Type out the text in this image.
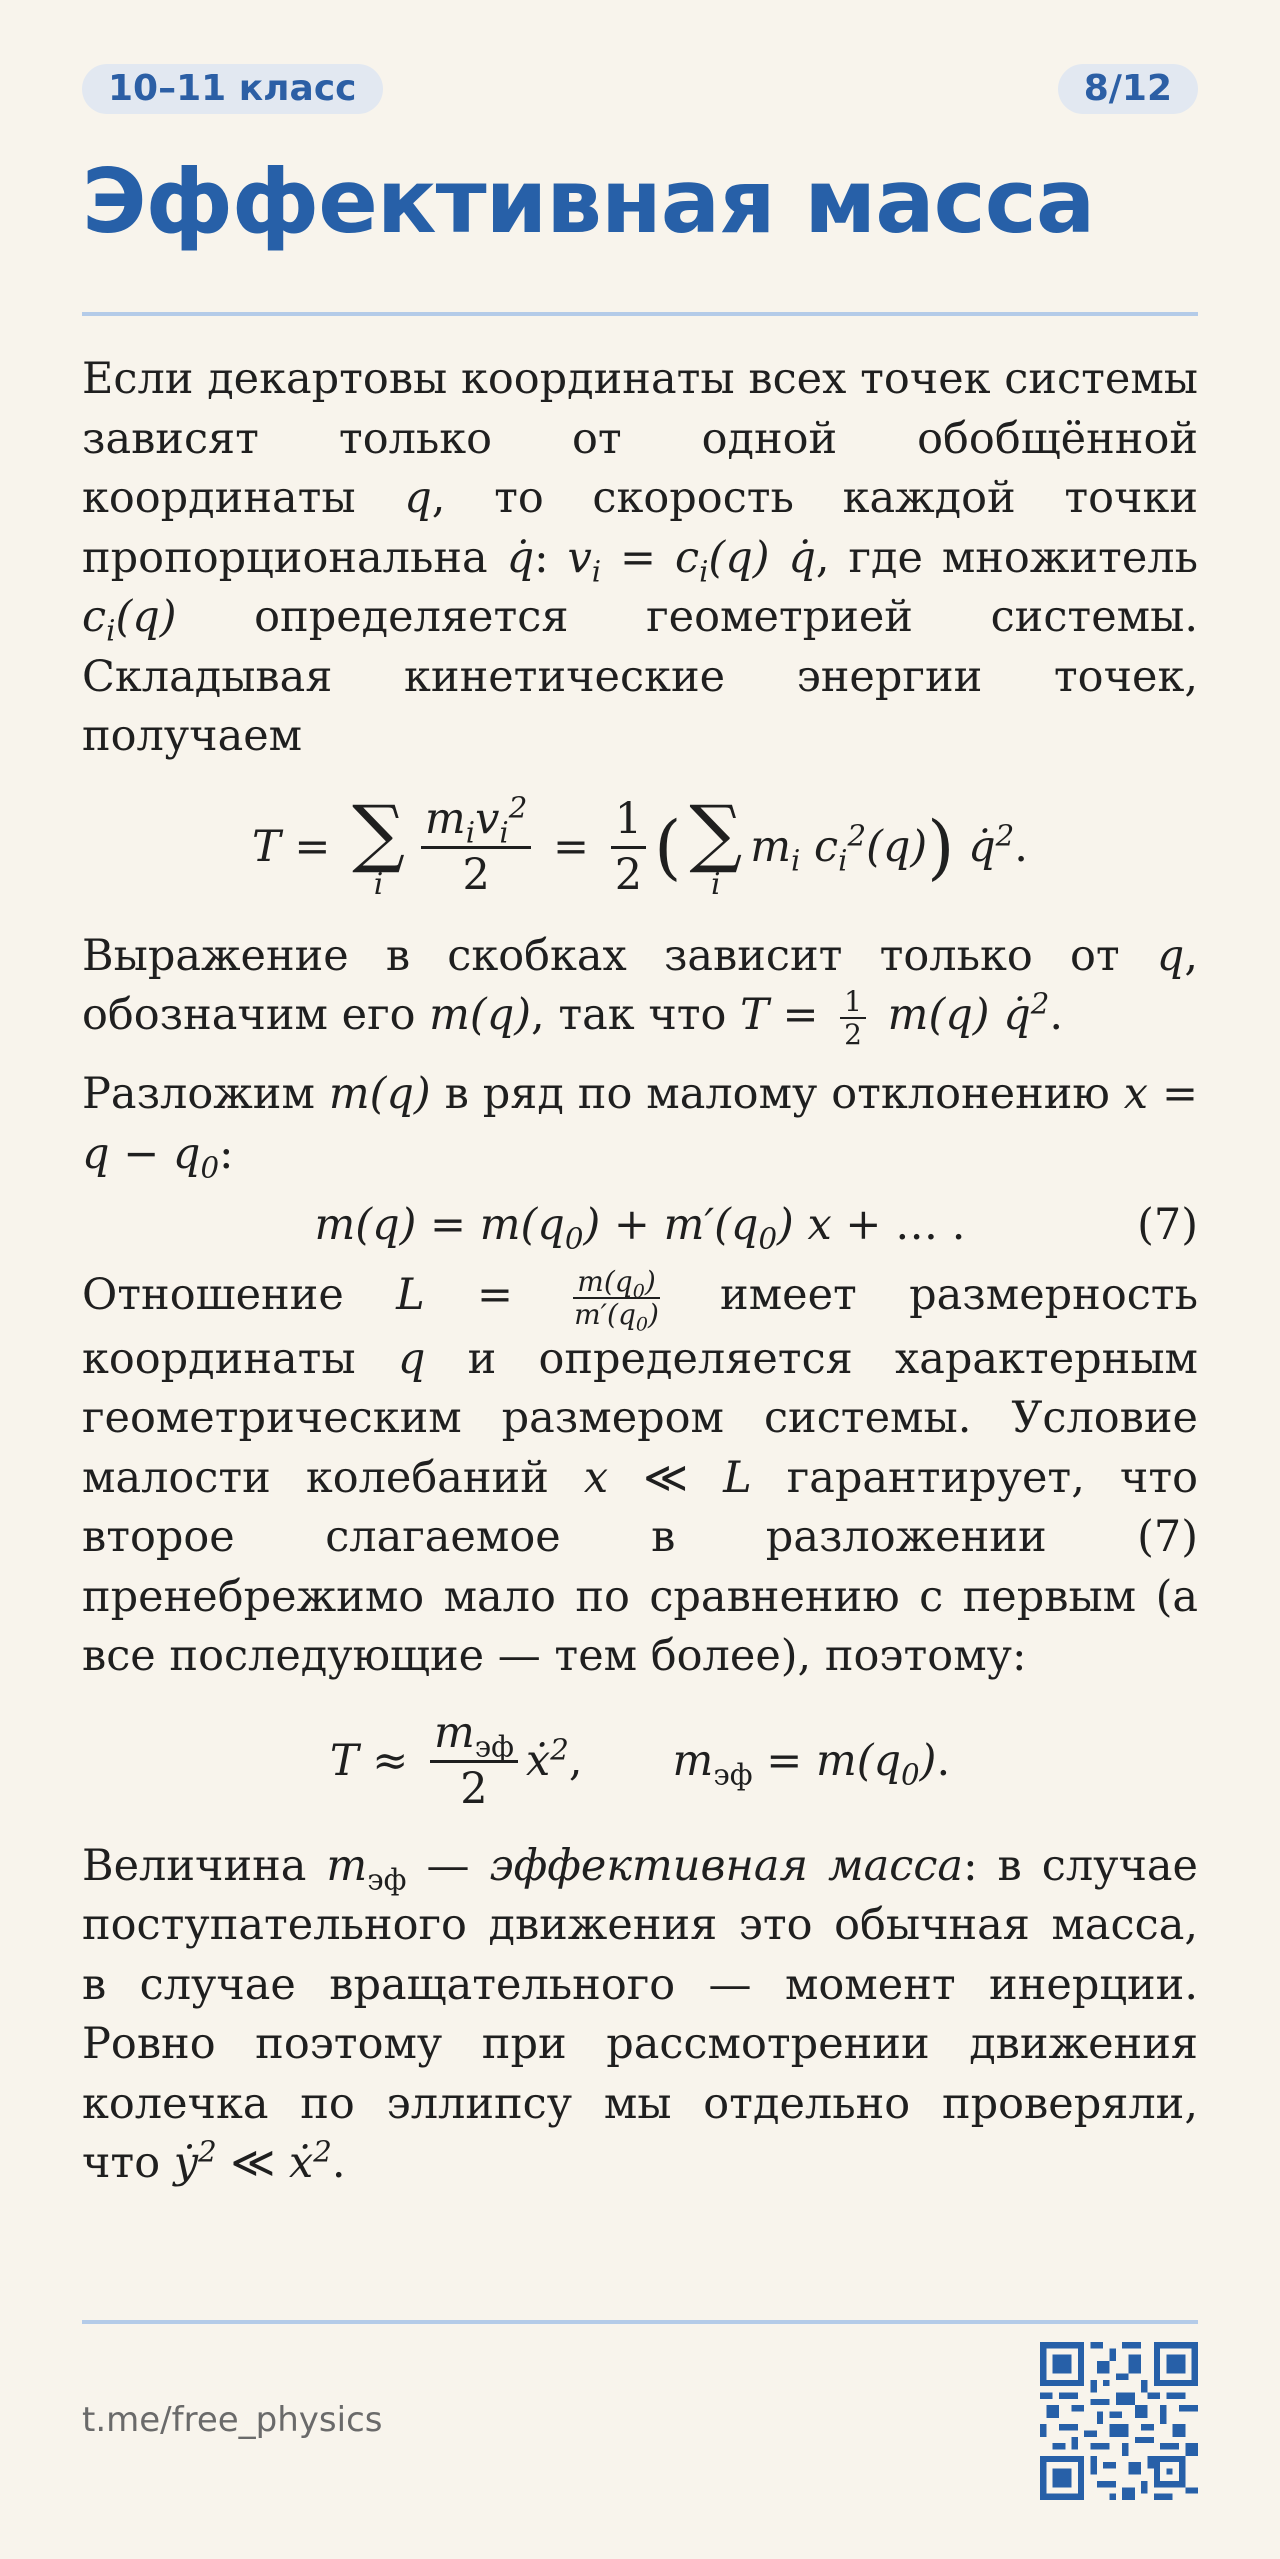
10–11 класс	8/12
Эффективная масса

Если декартовы координаты всех точек системы зависят только от одной обобщённой координаты q, то скорость каждой точки пропорциональна q̇: $v_i = c_i(q)$ q̇, где множитель $c_i(q)$ определяется геометрией системы. Складывая кинетические энергии точек, получаем

T = ∑
i $\frac{m_iv_i^2}{2} = \frac{1}{2}$ ( ∑
i
$m_i$ $c_i^2(q)$ ) q̇$^2$ .

Выражение в скобках зависит только от q, обозначим его m(q), так что $T = \frac{1}{2} m(q)$ q̇$^2$.

Разложим m(q) в ряд по малому отклонению $x = q - q_0$:

$m(q) = m(q_0) + m'(q_0) x$ + … .	(7)

Отношение $L = \frac{m(q_0)}{m'(q_0)}$ имеет размерность координаты q и определяется характерным геометрическим размером системы. Условие малости колебаний x ≪ L гарантирует, что второе слагаемое в разложении (7) пренебрежимо мало по сравнению с первым (а все последующие — тем более), поэтому:

$T \approx \frac{m_{эф}}{2}$ ẋ$^2$ , $m_{эф} = m(q_0)$ .

Величина $m_{эф}$ — эффективная масса: в случае поступательного движения это обычная масса, в случае вращательного — момент инерции. Ровно поэтому при рассмотрении движения колечка по эллипсу мы отдельно проверяли, что ẏ$^2$ ≪ ẋ$^2$.

t.me/free_physics
